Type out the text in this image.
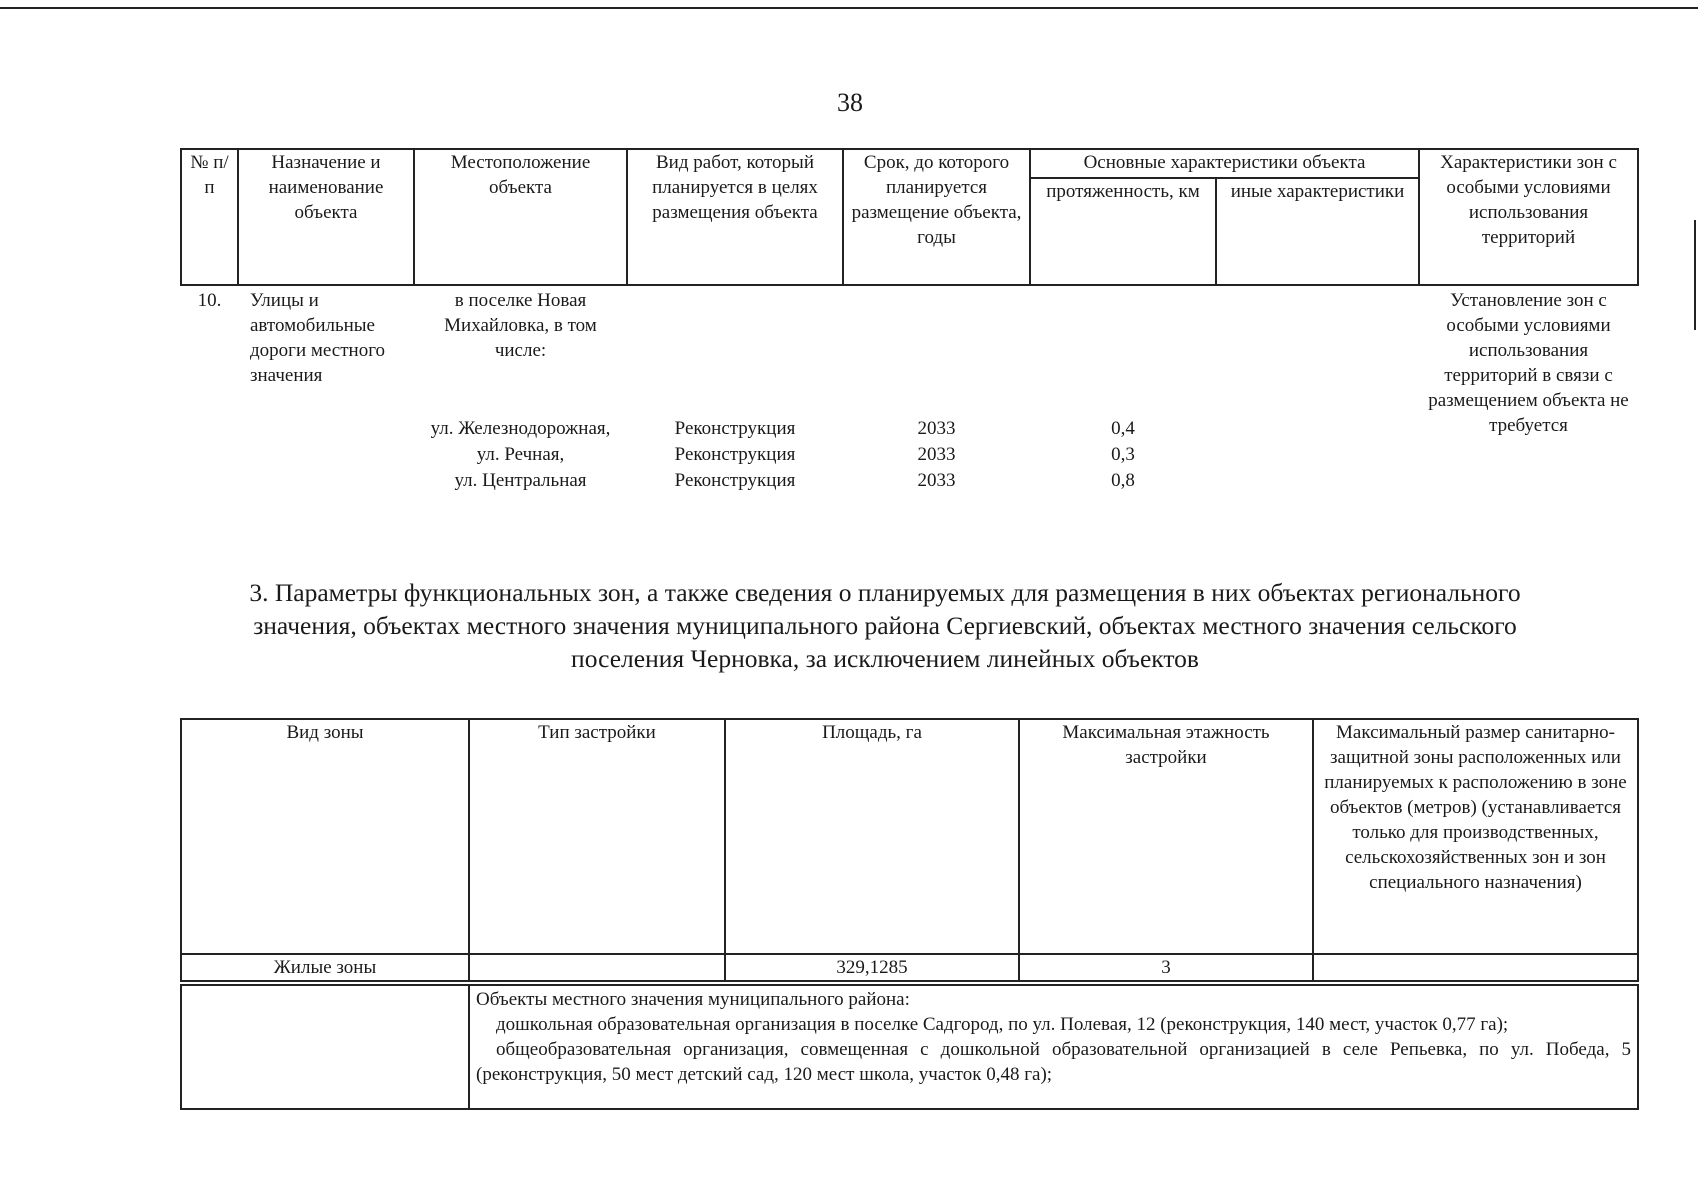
38
№ п/п	Назначение и наименование объекта	Местоположение объекта	Вид работ, который планируется в целях размещения объекта	Срок, до которого планируется размещение объекта, годы	Основные характеристики объекта		Характеристики зон с особыми условиями использования территорий
					протяженность, км	иные характеристики	
10.	Улицы и автомобильные дороги местного значения	в поселке Новая Михайловка, в том числе:					Установление зон с особыми условиями использования территорий в связи с размещением объекта не требуется
		ул. Железнодорожная,	Реконструкция	2033	0,4		
		ул. Речная,	Реконструкция	2033	0,3		
		ул. Центральная	Реконструкция	2033	0,8		
3. Параметры функциональных зон, а также сведения о планируемых для размещения в них объектах регионального значения, объектах местного значения муниципального района Сергиевский, объектах местного значения сельского поселения Черновка, за исключением линейных объектов
Вид зоны	Тип застройки	Площадь, га	Максимальная этажность застройки	Максимальный размер санитарно-защитной зоны расположенных или планируемых к расположению в зоне объектов (метров) (устанавливается только для производственных, сельскохозяйственных зон и зон специального назначения)
Жилые зоны		329,1285	3	

	Объекты местного значения муниципального района:

дошкольная образовательная организация в поселке Садгород, по ул. Полевая, 12 (реконструкция, 140 мест, участок 0,77 га);

общеобразовательная организация, совмещенная с дошкольной образовательной организацией в селе Репьевка, по ул. Победа, 5 (реконструкция, 50 мест детский сад, 120 мест школа, участок 0,48 га);			
